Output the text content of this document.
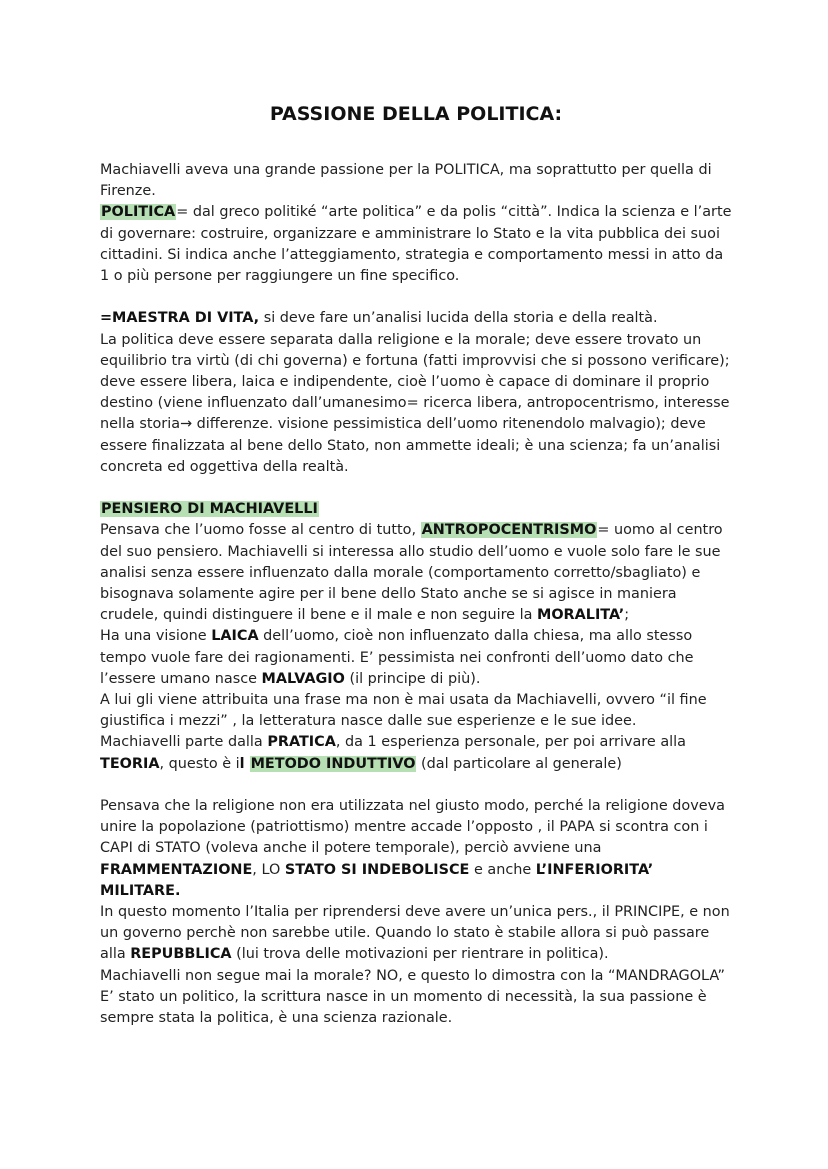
PASSIONE DELLA POLITICA:

Machiavelli aveva una grande passione per la POLITICA, ma soprattutto per quella di Firenze.
POLITICA= dal greco politiké “arte politica” e da polis “città”. Indica la scienza e l’arte di governare: costruire, organizzare e amministrare lo Stato e la vita pubblica dei suoi cittadini. Si indica anche l’atteggiamento, strategia e comportamento messi in atto da 1 o più persone per raggiungere un fine specifico.

=MAESTRA DI VITA, si deve fare un’analisi lucida della storia e della realtà.
La politica deve essere separata dalla religione e la morale; deve essere trovato un equilibrio tra virtù (di chi governa) e fortuna (fatti improvvisi che si possono verificare); deve essere libera, laica e indipendente, cioè l’uomo è capace di dominare il proprio destino (viene influenzato dall’umanesimo= ricerca libera, antropocentrismo, interesse nella storia→ differenze. visione pessimistica dell’uomo ritenendolo malvagio); deve essere finalizzata al bene dello Stato, non ammette ideali; è una scienza; fa un’analisi concreta ed oggettiva della realtà.

PENSIERO DI MACHIAVELLI
Pensava che l’uomo fosse al centro di tutto, ANTROPOCENTRISMO= uomo al centro del suo pensiero. Machiavelli si interessa allo studio dell’uomo e vuole solo fare le sue analisi senza essere influenzato dalla morale (comportamento corretto/sbagliato) e bisognava solamente agire per il bene dello Stato anche se si agisce in maniera crudele, quindi distinguere il bene e il male e non seguire la MORALITA’;
Ha una visione LAICA dell’uomo, cioè non influenzato dalla chiesa, ma allo stesso tempo vuole fare dei ragionamenti. E’ pessimista nei confronti dell’uomo dato che l’essere umano nasce MALVAGIO (il principe di più).
A lui gli viene attribuita una frase ma non è mai usata da Machiavelli, ovvero “il fine giustifica i mezzi” , la letteratura nasce dalle sue esperienze e le sue idee.
Machiavelli parte dalla PRATICA, da 1 esperienza personale, per poi arrivare alla TEORIA, questo è il METODO INDUTTIVO (dal particolare al generale)

Pensava che la religione non era utilizzata nel giusto modo, perché la religione doveva unire la popolazione (patriottismo) mentre accade l’opposto , il PAPA si scontra con i CAPI di STATO (voleva anche il potere temporale), perciò avviene una FRAMMENTAZIONE, LO STATO SI INDEBOLISCE e anche L’INFERIORITA’ MILITARE.
In questo momento l’Italia per riprendersi deve avere un’unica pers., il PRINCIPE, e non un governo perchè non sarebbe utile. Quando lo stato è stabile allora si può passare alla REPUBBLICA (lui trova delle motivazioni per rientrare in politica).
Machiavelli non segue mai la morale? NO, e questo lo dimostra con la “MANDRAGOLA” E’ stato un politico, la scrittura nasce in un momento di necessità, la sua passione è sempre stata la politica, è una scienza razionale.
